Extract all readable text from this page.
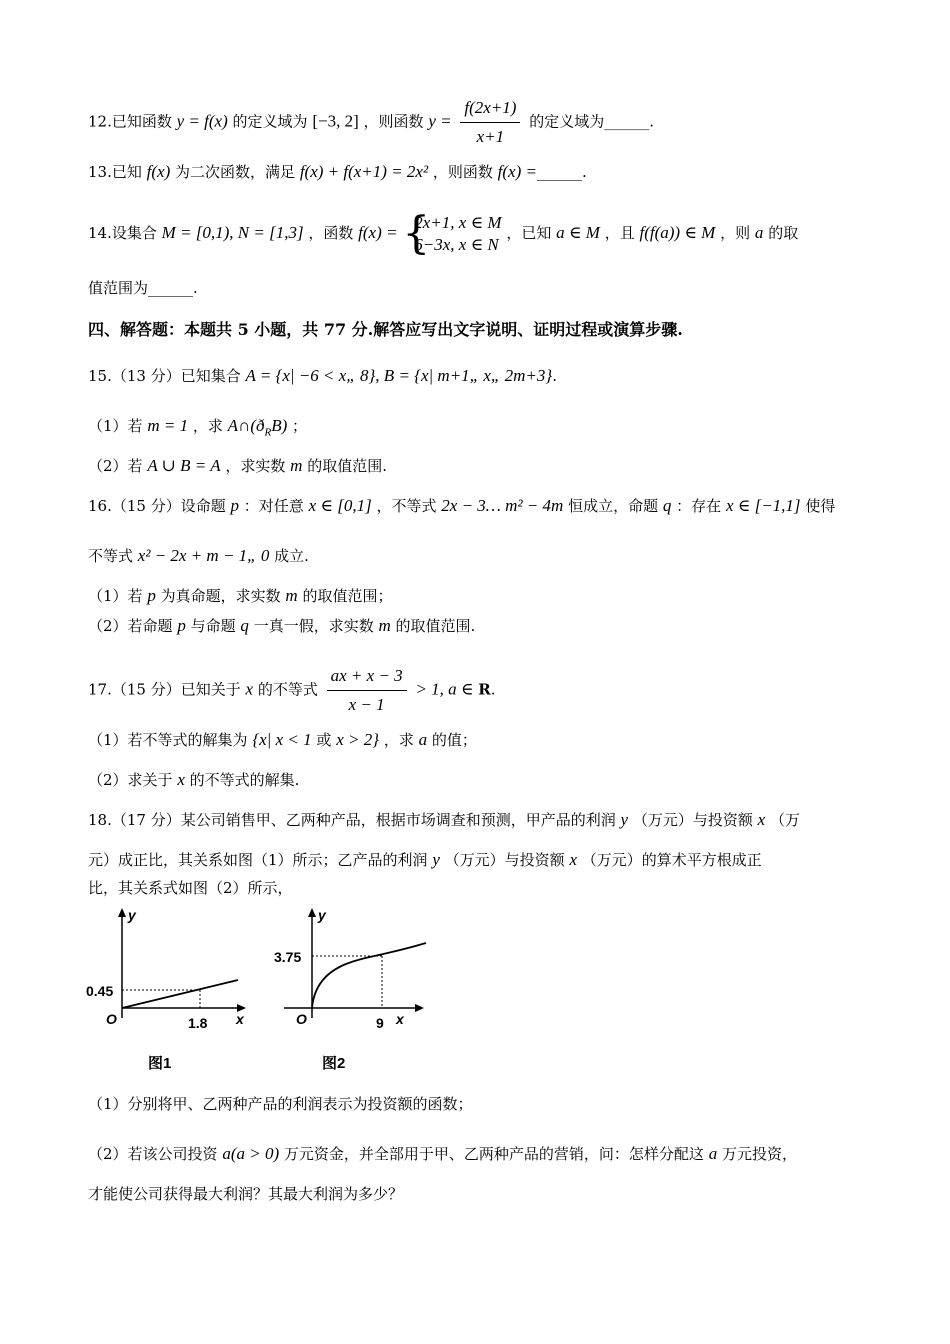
12.已知函数 y = f(x) 的定义域为 [−3, 2] ，则函数 $y = \frac{f(2x+1)}{x+1}$ 的定义域为______.
13.已知 f(x) 为二次函数，满足 f(x) + f(x+1) = 2x² ，则函数 f(x) =______.
14.设集合 M = [0,1), N = [1,3] ，函数 f(x) =
{ 2x+1, x ∈ M
6−3x, x ∈ N
，已知 a ∈ M ，且 f(f(a)) ∈ M ，则 a 的取
值范围为______.
四、解答题：本题共 5 小题，共 77 分.解答应写出文字说明、证明过程或演算步骤.
15.（13 分）已知集合 A = {x| −6 < x„ 8}, B = {x| m+1„ x„ 2m+3}.
（1）若 m = 1 ，求 $A\cap(ð_RB)$ ；
（2）若 A ∪ B = A ，求实数 m 的取值范围.
16.（15 分）设命题 p ：对任意 x ∈ [0,1] ，不等式 2x − 3… m² − 4m 恒成立，命题 q ：存在 x ∈ [−1,1] 使得
不等式 x² − 2x + m − 1„ 0 成立.
（1）若 p 为真命题，求实数 m 的取值范围；
（2）若命题 p 与命题 q 一真一假，求实数 m 的取值范围.
17.（15 分）已知关于 x 的不等式 $\frac{ax + x - 3}{x - 1} > 1$, a ∈ R.
（1）若不等式的解集为 {x| x < 1 或 x > 2} ，求 a 的值；
（2）求关于 x 的不等式的解集.
18.（17 分）某公司销售甲、乙两种产品，根据市场调查和预测，甲产品的利润 y （万元）与投资额 x （万
元）成正比，其关系如图（1）所示；乙产品的利润 y （万元）与投资额 x （万元）的算术平方根成正
比，其关系式如图（2）所示，
y
x
O
0.45
1.8
图1
y
x
O
3.75
9
图2
（1）分别将甲、乙两种产品的利润表示为投资额的函数；
（2）若该公司投资 a(a > 0) 万元资金，并全部用于甲、乙两种产品的营销，问：怎样分配这 a 万元投资，
才能使公司获得最大利润？其最大利润为多少？
